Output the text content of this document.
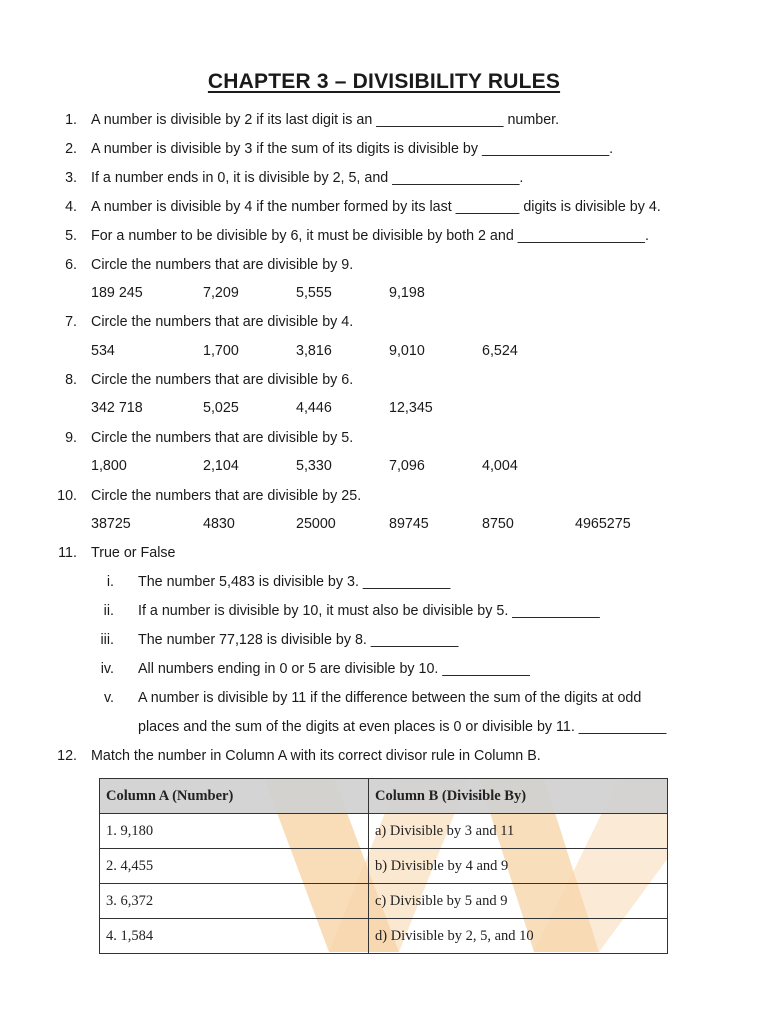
CHAPTER 3 – DIVISIBILITY RULES
1. A number is divisible by 2 if its last digit is an ________________ number.
2. A number is divisible by 3 if the sum of its digits is divisible by ________________.
3. If a number ends in 0, it is divisible by 2, 5, and ________________.
4. A number is divisible by 4 if the number formed by its last ________ digits is divisible by 4.
5. For a number to be divisible by 6, it must be divisible by both 2 and ________________.
6. Circle the numbers that are divisible by 9.
189 245	7,209	5,555	9,198
7. Circle the numbers that are divisible by 4.
534	1,700	3,816	9,010	6,524
8. Circle the numbers that are divisible by 6.
342 718	5,025	4,446	12,345
9. Circle the numbers that are divisible by 5.
1,800	2,104	5,330	7,096	4,004
10. Circle the numbers that are divisible by 25.
38725	4830	25000	89745	8750	4965275
11. True or False
i. The number 5,483 is divisible by 3. ___________
ii. If a number is divisible by 10, it must also be divisible by 5. ___________
iii. The number 77,128 is divisible by 8. ___________
iv. All numbers ending in 0 or 5 are divisible by 10. ___________
v. A number is divisible by 11 if the difference between the sum of the digits at odd
places and the sum of the digits at even places is 0 or divisible by 11. ___________
12. Match the number in Column A with its correct divisor rule in Column B.
Column A (Number)	Column B (Divisible By)
1. 9,180	a) Divisible by 3 and 11
2. 4,455	b) Divisible by 4 and 9
3. 6,372	c) Divisible by 5 and 9
4. 1,584	d) Divisible by 2, 5, and 10
